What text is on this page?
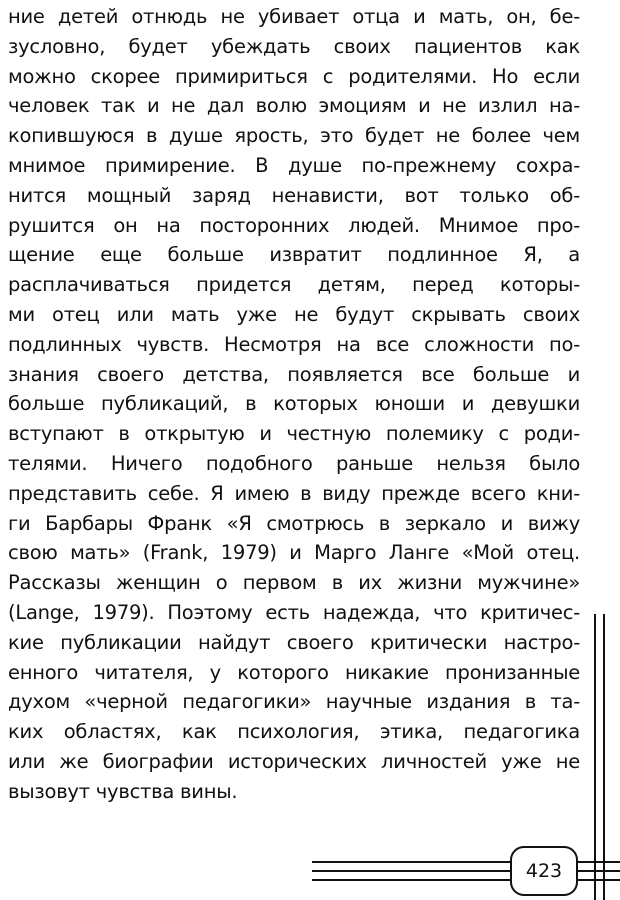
ние детей отнюдь не убивает отца и мать, он, бе-
зусловно, будет убеждать своих пациентов как
можно скорее примириться с родителями. Но если
человек так и не дал волю эмоциям и не излил на-
копившуюся в душе ярость, это будет не более чем
мнимое примирение. В душе по-прежнему сохра-
нится мощный заряд ненависти, вот только об-
рушится он на посторонних людей. Мнимое про-
щение еще больше извратит подлинное Я, а
расплачиваться придется детям, перед которы-
ми отец или мать уже не будут скрывать своих
подлинных чувств. Несмотря на все сложности по-
знания своего детства, появляется все больше и
больше публикаций, в которых юноши и девушки
вступают в открытую и честную полемику с роди-
телями. Ничего подобного раньше нельзя было
представить себе. Я имею в виду прежде всего кни-
ги Барбары Франк «Я смотрюсь в зеркало и вижу
свою мать» (Frank, 1979) и Марго Ланге «Мой отец.
Рассказы женщин о первом в их жизни мужчине»
(Lange, 1979). Поэтому есть надежда, что критичес-
кие публикации найдут своего критически настро-
енного читателя, у которого никакие пронизанные
духом «черной педагогики» научные издания в та-
ких областях, как психология, этика, педагогика
или же биографии исторических личностей уже не
вызовут чувства вины.
423
